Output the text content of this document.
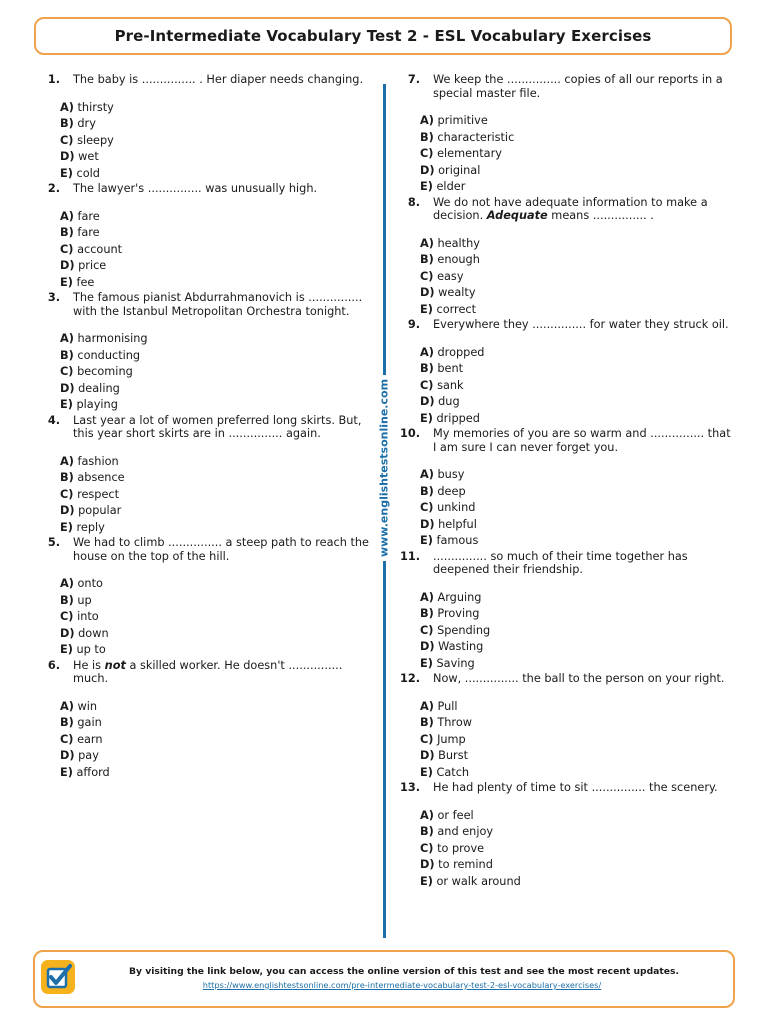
Pre-Intermediate Vocabulary Test 2 - ESL Vocabulary Exercises
1.	The baby is ............... . Her diaper needs changing.
A) thirsty
B) dry
C) sleepy
D) wet
E) cold
2.	The lawyer's ............... was unusually high.
A) fare
B) fare
C) account
D) price
E) fee
3.	The famous pianist Abdurrahmanovich is ............... with the Istanbul Metropolitan Orchestra tonight.
A) harmonising
B) conducting
C) becoming
D) dealing
E) playing
4.	Last year a lot of women preferred long skirts. But, this year short skirts are in ............... again.
A) fashion
B) absence
C) respect
D) popular
E) reply
5.	We had to climb ............... a steep path to reach the house on the top of the hill.
A) onto
B) up
C) into
D) down
E) up to
6.	He is not a skilled worker. He doesn't ............... much.
A) win
B) gain
C) earn
D) pay
E) afford
7.	We keep the ............... copies of all our reports in a special master file.
A) primitive
B) characteristic
C) elementary
D) original
E) elder
8.	We do not have adequate information to make a decision. Adequate means ............... .
A) healthy
B) enough
C) easy
D) wealty
E) correct
9.	Everywhere they ............... for water they struck oil.
A) dropped
B) bent
C) sank
D) dug
E) dripped
10.	My memories of you are so warm and ............... that I am sure I can never forget you.
A) busy
B) deep
C) unkind
D) helpful
E) famous
11.	............... so much of their time together has deepened their friendship.
A) Arguing
B) Proving
C) Spending
D) Wasting
E) Saving
12.	Now, ............... the ball to the person on your right.
A) Pull
B) Throw
C) Jump
D) Burst
E) Catch
13.	He had plenty of time to sit ............... the scenery.
A) or feel
B) and enjoy
C) to prove
D) to remind
E) or walk around
www.englishtestsonline.com
By visiting the link below, you can access the online version of this test and see the most recent updates.
https://www.englishtestsonline.com/pre-intermediate-vocabulary-test-2-esl-vocabulary-exercises/
